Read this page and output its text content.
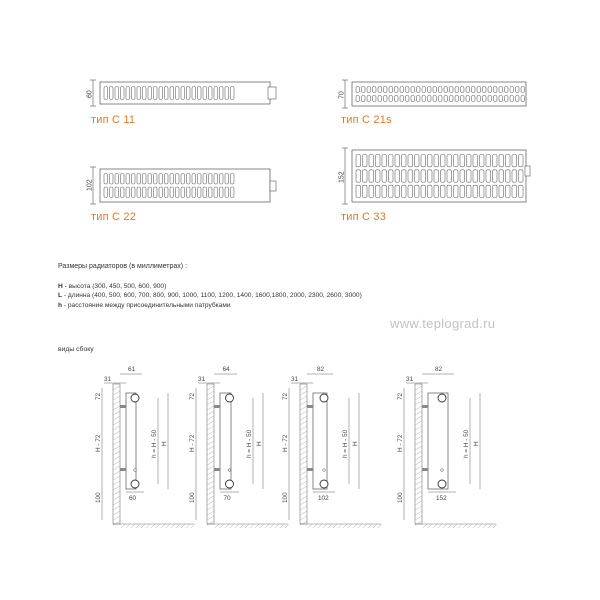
60
тип C 11
70
тип C 21s
102
тип C 22
152
тип C 33
Размеры радиаторов (в миллиметрах) :
H - высота (300, 450, 500, 600, 900)
L - длинна (400, 500, 600, 700, 800, 900, 1000, 1100, 1200, 1400, 1600,1800, 2000, 2300, 2600, 3000)
h - расстояние между присоединительными патрубками
www.teplograd.ru
виды сбоку
61
31
72
H - 72
100
h = H - 50 H
60
64
31
72
H - 72
100
h = H - 50 H
70
82
31
72
H - 72
100
h = H - 50 H
102
82
31
72
H - 72
100
h = H - 50 H
152
